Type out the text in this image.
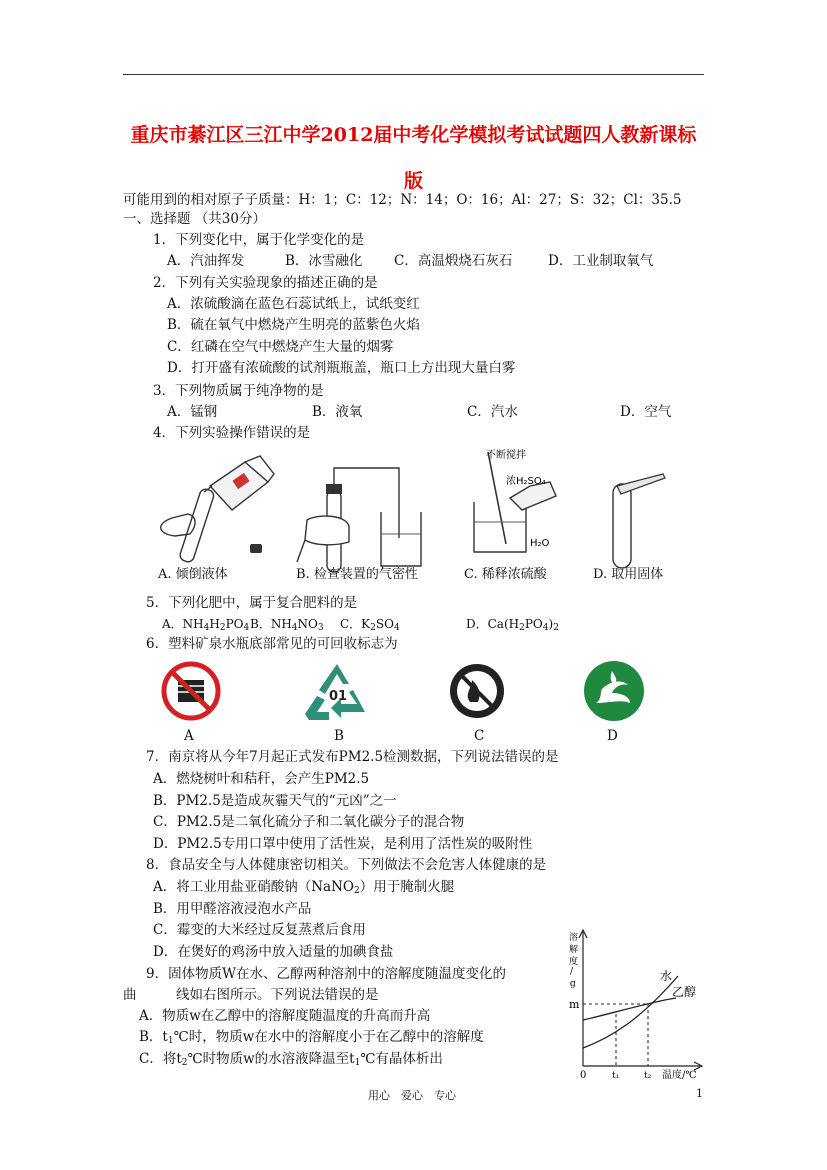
重庆市綦江区三江中学2012届中考化学模拟考试试题四人教新课标
版
可能用到的相对原子子质量：H：1；C：12；N：14；O：16；Al：27；S：32；Cl：35.5
一、选择题 （共30分）
1．下列变化中，属于化学变化的是
A．汽油挥发	B．冰雪融化 C．高温煅烧石灰石	D．工业制取氧气
2．下列有关实验现象的描述正确的是
A．浓硫酸滴在蓝色石蕊试纸上，试纸变红
B．硫在氧气中燃烧产生明亮的蓝紫色火焰
C．红磷在空气中燃烧产生大量的烟雾
D．打开盛有浓硫酸的试剂瓶瓶盖，瓶口上方出现大量白雾
3．下列物质属于纯净物的是
A．锰钢	B．液氧	C．汽水	D．空气
4．下列实验操作错误的是
浓H₂SO₄
不断搅拌
H₂O
A. 倾倒液体	B. 检查装置的气密性	C. 稀释浓硫酸	D. 取用固体
5．下列化肥中，属于复合肥料的是
A．$NH_4H_2PO_4$ B．$NH_4NO_3$ C．$K_2SO_4$	D．$Ca(H_2PO_4)_2$
6．塑料矿泉水瓶底部常见的可回收标志为
01
A	B	C	D
7．南京将从今年7月起正式发布PM2.5检测数据，下列说法错误的是
A．燃烧树叶和秸秆，会产生PM2.5
B．PM2.5是造成灰霾天气的“元凶”之一
C．PM2.5是二氧化硫分子和二氧化碳分子的混合物
D．PM2.5专用口罩中使用了活性炭，是利用了活性炭的吸附性
8．食品安全与人体健康密切相关。下列做法不会危害人体健康的是
A．将工业用盐亚硝酸钠（NaNO$_2$）用于腌制火腿
B．用甲醛溶液浸泡水产品
C．霉变的大米经过反复蒸煮后食用
D．在煲好的鸡汤中放入适量的加碘食盐
9．固体物质W在水、乙醇两种溶剂中的溶解度随温度变化的
曲	线如右图所示。下列说法错误的是
A．物质w在乙醇中的溶解度随温度的升高而升高
B．$t_1℃$时，物质w在水中的溶解度小于在乙醇中的溶解度
C．将$t_2℃$时物质w的水溶液降温至$t_1℃$有晶体析出
溶
解
度
/
g
m
水
乙醇
0	t₁	t₂ 温度/℃
用心　爱心　专心	1
